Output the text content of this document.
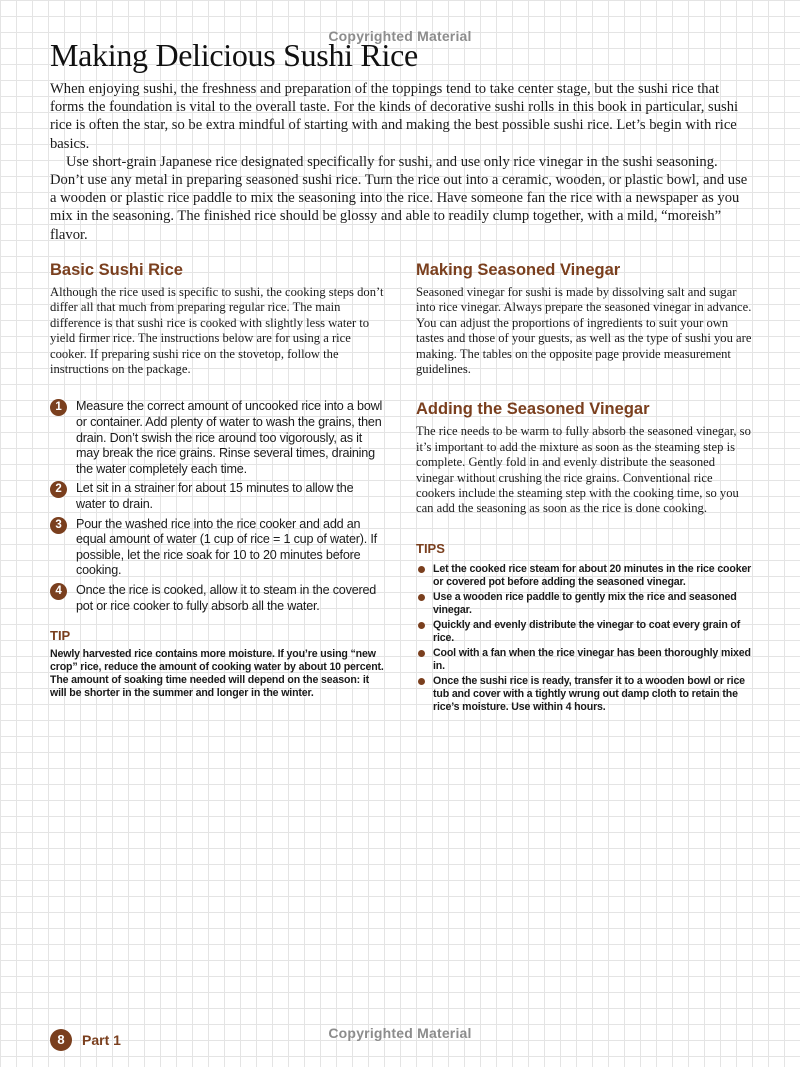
Copyrighted Material
Making Delicious Sushi Rice

When enjoying sushi, the freshness and preparation of the toppings tend to take center stage, but the sushi rice that forms the foundation is vital to the overall taste. For the kinds of decorative sushi rolls in this book in particular, sushi rice is often the star, so be extra mindful of starting with and making the best possible sushi rice. Let’s begin with rice basics.

Use short-grain Japanese rice designated specifically for sushi, and use only rice vinegar in the sushi seasoning. Don’t use any metal in preparing seasoned sushi rice. Turn the rice out into a ceramic, wooden, or plastic bowl, and use a wooden or plastic rice paddle to mix the seasoning into the rice. Have someone fan the rice with a newspaper as you mix in the seasoning. The finished rice should be glossy and able to readily clump together, with a mild, “moreish” flavor.

Basic Sushi Rice

Although the rice used is specific to sushi, the cooking steps don’t differ all that much from preparing regular rice. The main difference is that sushi rice is cooked with slightly less water to yield firmer rice. The instructions below are for using a rice cooker. If preparing sushi rice on the stovetop, follow the instructions on the package.

1	Measure the correct amount of uncooked rice into a bowl or container. Add plenty of water to wash the grains, then drain. Don’t swish the rice around too vigorously, as it may break the rice grains. Rinse several times, draining the water completely each time.
2	Let sit in a strainer for about 15 minutes to allow the water to drain.
3	Pour the washed rice into the rice cooker and add an equal amount of water (1 cup of rice = 1 cup of water). If possible, let the rice soak for 10 to 20 minutes before cooking.
4	Once the rice is cooked, allow it to steam in the covered pot or rice cooker to fully absorb all the water.
TIP

Newly harvested rice contains more moisture. If you’re using “new crop” rice, reduce the amount of cooking water by about 10 percent. The amount of soaking time needed will depend on the season: it will be shorter in the summer and longer in the winter.

Making Seasoned Vinegar

Seasoned vinegar for sushi is made by dissolving salt and sugar into rice vinegar. Always prepare the seasoned vinegar in advance. You can adjust the proportions of ingredients to suit your own tastes and those of your guests, as well as the type of sushi you are making. The tables on the opposite page provide measurement guidelines.

Adding the Seasoned Vinegar

The rice needs to be warm to fully absorb the seasoned vinegar, so it’s important to add the mixture as soon as the steaming step is complete. Gently fold in and evenly distribute the seasoned vinegar without crushing the rice grains. Conventional rice cookers include the steaming step with the cooking time, so you can add the seasoning as soon as the rice is done cooking.

TIPS
Let the cooked rice steam for about 20 minutes in the rice cooker or covered pot before adding the seasoned vinegar.
Use a wooden rice paddle to gently mix the rice and seasoned vinegar.
Quickly and evenly distribute the vinegar to coat every grain of rice.
Cool with a fan when the rice vinegar has been thoroughly mixed in.
Once the sushi rice is ready, transfer it to a wooden bowl or rice tub and cover with a tightly wrung out damp cloth to retain the rice’s moisture. Use within 4 hours.
Copyrighted Material
8	Part 1
